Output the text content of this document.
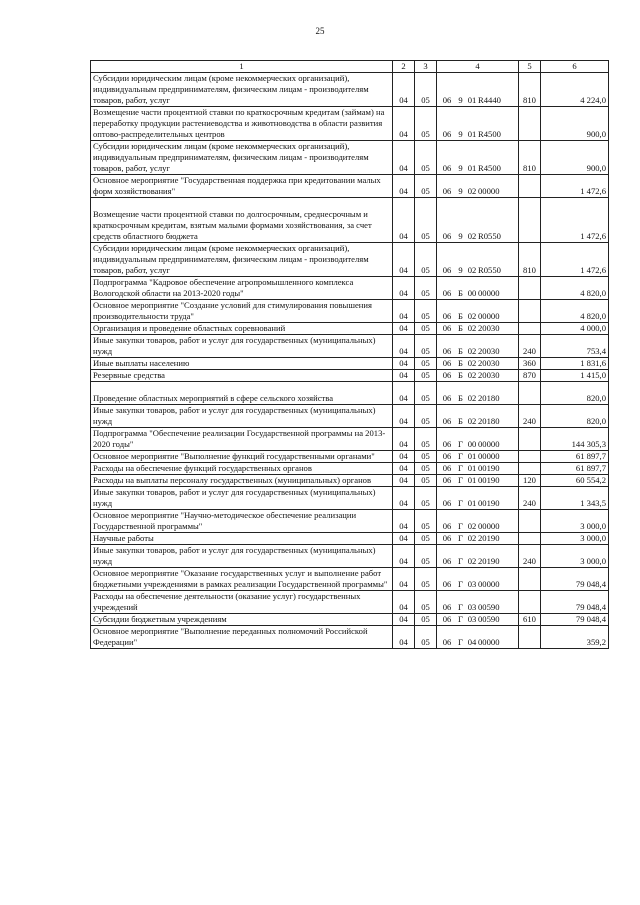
25
1	2	3	4	5	6
Субсидии юридическим лицам (кроме некоммерческих организаций), индивидуальным предпринимателям, физическим лицам - производителям товаров, работ, услуг	04	05	06 9 01 R4440	810	4 224,0
Возмещение части процентной ставки по краткосрочным кредитам (займам) на переработку продукции растениеводства и животноводства в области развития оптово-распределительных центров	04	05	06 9 01 R4500		900,0
Субсидии юридическим лицам (кроме некоммерческих организаций), индивидуальным предпринимателям, физическим лицам - производителям товаров, работ, услуг	04	05	06 9 01 R4500	810	900,0
Основное мероприятие "Государственная поддержка при кредитовании малых форм хозяйствования"	04	05	06 9 02 00000		1 472,6
Возмещение части процентной ставки по долгосрочным, среднесрочным и краткосрочным кредитам, взятым малыми формами хозяйствования, за счет средств областного бюджета	04	05	06 9 02 R0550		1 472,6
Субсидии юридическим лицам (кроме некоммерческих организаций), индивидуальным предпринимателям, физическим лицам - производителям товаров, работ, услуг	04	05	06 9 02 R0550	810	1 472,6
Подпрограмма "Кадровое обеспечение агропромышленного комплекса Вологодской области на 2013-2020 годы"	04	05	06 Б 00 00000		4 820,0
Основное мероприятие "Создание условий для стимулирования повышения производительности труда"	04	05	06 Б 02 00000		4 820,0
Организация и проведение областных соревнований	04	05	06 Б 02 20030		4 000,0
Иные закупки товаров, работ и услуг для государственных (муниципальных) нужд	04	05	06 Б 02 20030	240	753,4
Иные выплаты населению	04	05	06 Б 02 20030	360	1 831,6
Резервные средства	04	05	06 Б 02 20030	870	1 415,0
Проведение областных мероприятий в сфере сельского хозяйства	04	05	06 Б 02 20180		820,0
Иные закупки товаров, работ и услуг для государственных (муниципальных) нужд	04	05	06 Б 02 20180	240	820,0
Подпрограмма "Обеспечение реализации Государственной программы на 2013-2020 годы"	04	05	06 Г 00 00000		144 305,3
Основное мероприятие "Выполнение функций государственными органами"	04	05	06 Г 01 00000		61 897,7
Расходы на обеспечение функций государственных органов	04	05	06 Г 01 00190		61 897,7
Расходы на выплаты персоналу государственных (муниципальных) органов	04	05	06 Г 01 00190	120	60 554,2
Иные закупки товаров, работ и услуг для государственных (муниципальных) нужд	04	05	06 Г 01 00190	240	1 343,5
Основное мероприятие "Научно-методическое обеспечение реализации Государственной программы"	04	05	06 Г 02 00000		3 000,0
Научные работы	04	05	06 Г 02 20190		3 000,0
Иные закупки товаров, работ и услуг для государственных (муниципальных) нужд	04	05	06 Г 02 20190	240	3 000,0
Основное мероприятие "Оказание государственных услуг и выполнение работ бюджетными учреждениями в рамках реализации Государственной программы"	04	05	06 Г 03 00000		79 048,4
Расходы на обеспечение деятельности (оказание услуг) государственных учреждений	04	05	06 Г 03 00590		79 048,4
Субсидии бюджетным учреждениям	04	05	06 Г 03 00590	610	79 048,4
Основное мероприятие "Выполнение переданных полномочий Российской Федерации"	04	05	06 Г 04 00000		359,2
